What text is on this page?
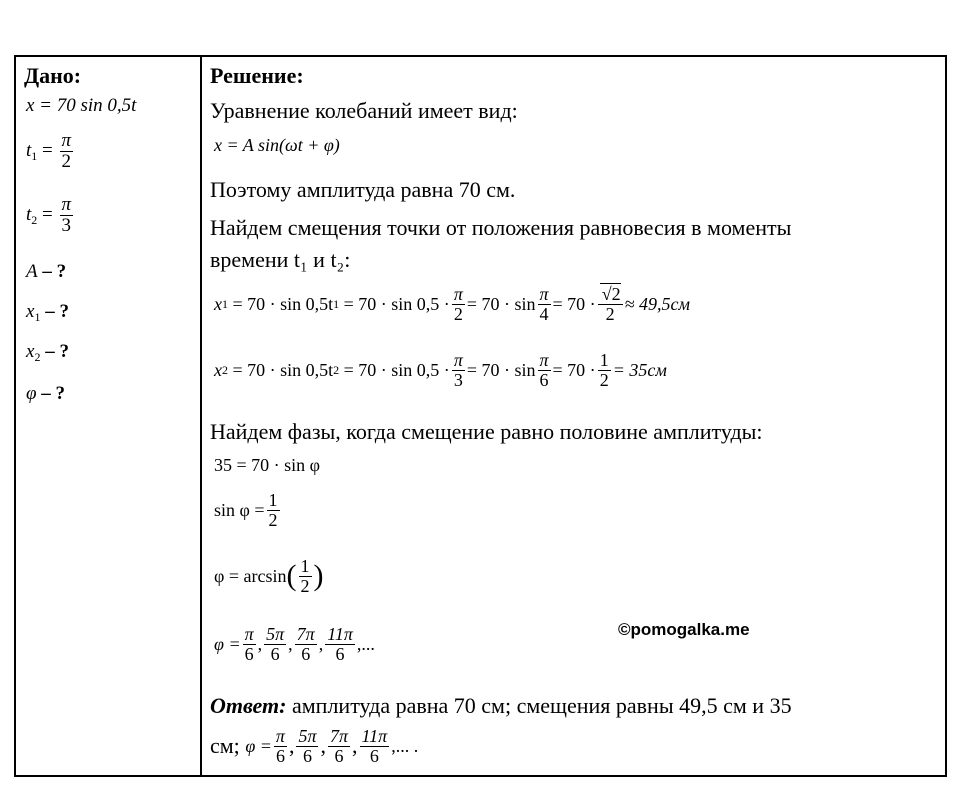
Дано:
x = 70 sin 0,5t
$t_1 = \frac{\pi}{2}$
$t_2 = \frac{\pi}{3}$
A – ?
$x_1$ – ?
$x_2$ – ?
φ – ?
Решение:
Уравнение колебаний имеет вид:
x = A sin(ωt + φ)
Поэтому амплитуда равна 70 см.
Найдем смещения точки от положения равновесия в моменты
времени t₁ и t₂:
x 1
= 70 · sin 0,5t 1
= $70 \cdot \sin 0,5 \cdot \frac{\pi}{2} = 70 \cdot \sin \frac{\pi}{4} = 70 \cdot \frac{√2}{2} \approx 49,5см$
x 2
= 70 · sin 0,5t 2
= $70 \cdot \sin 0,5 \cdot \frac{\pi}{3} = 70 \cdot \sin \frac{\pi}{6} = 70 \cdot \frac{1}{2} = 35см$
Найдем фазы, когда смещение равно половине амплитуды:
35 = 70 · sin φ
$\sin \varphi = \frac{1}{2}$
φ = arcsin ( $\frac{1}{2}$ )
$\varphi = \frac{\pi}{6}$ , $\frac{5\pi}{6}$ , $\frac{7\pi}{6}$ , $\frac{11\pi}{6}$ ,...
Ответ: амплитуда равна 70 см; смещения равны 49,5 см и 35
см;
$\varphi = \frac{\pi}{6}$ , $\frac{5\pi}{6}$ , $\frac{7\pi}{6}$ , $\frac{11\pi}{6}$ ,... .
©pomogalka.me
